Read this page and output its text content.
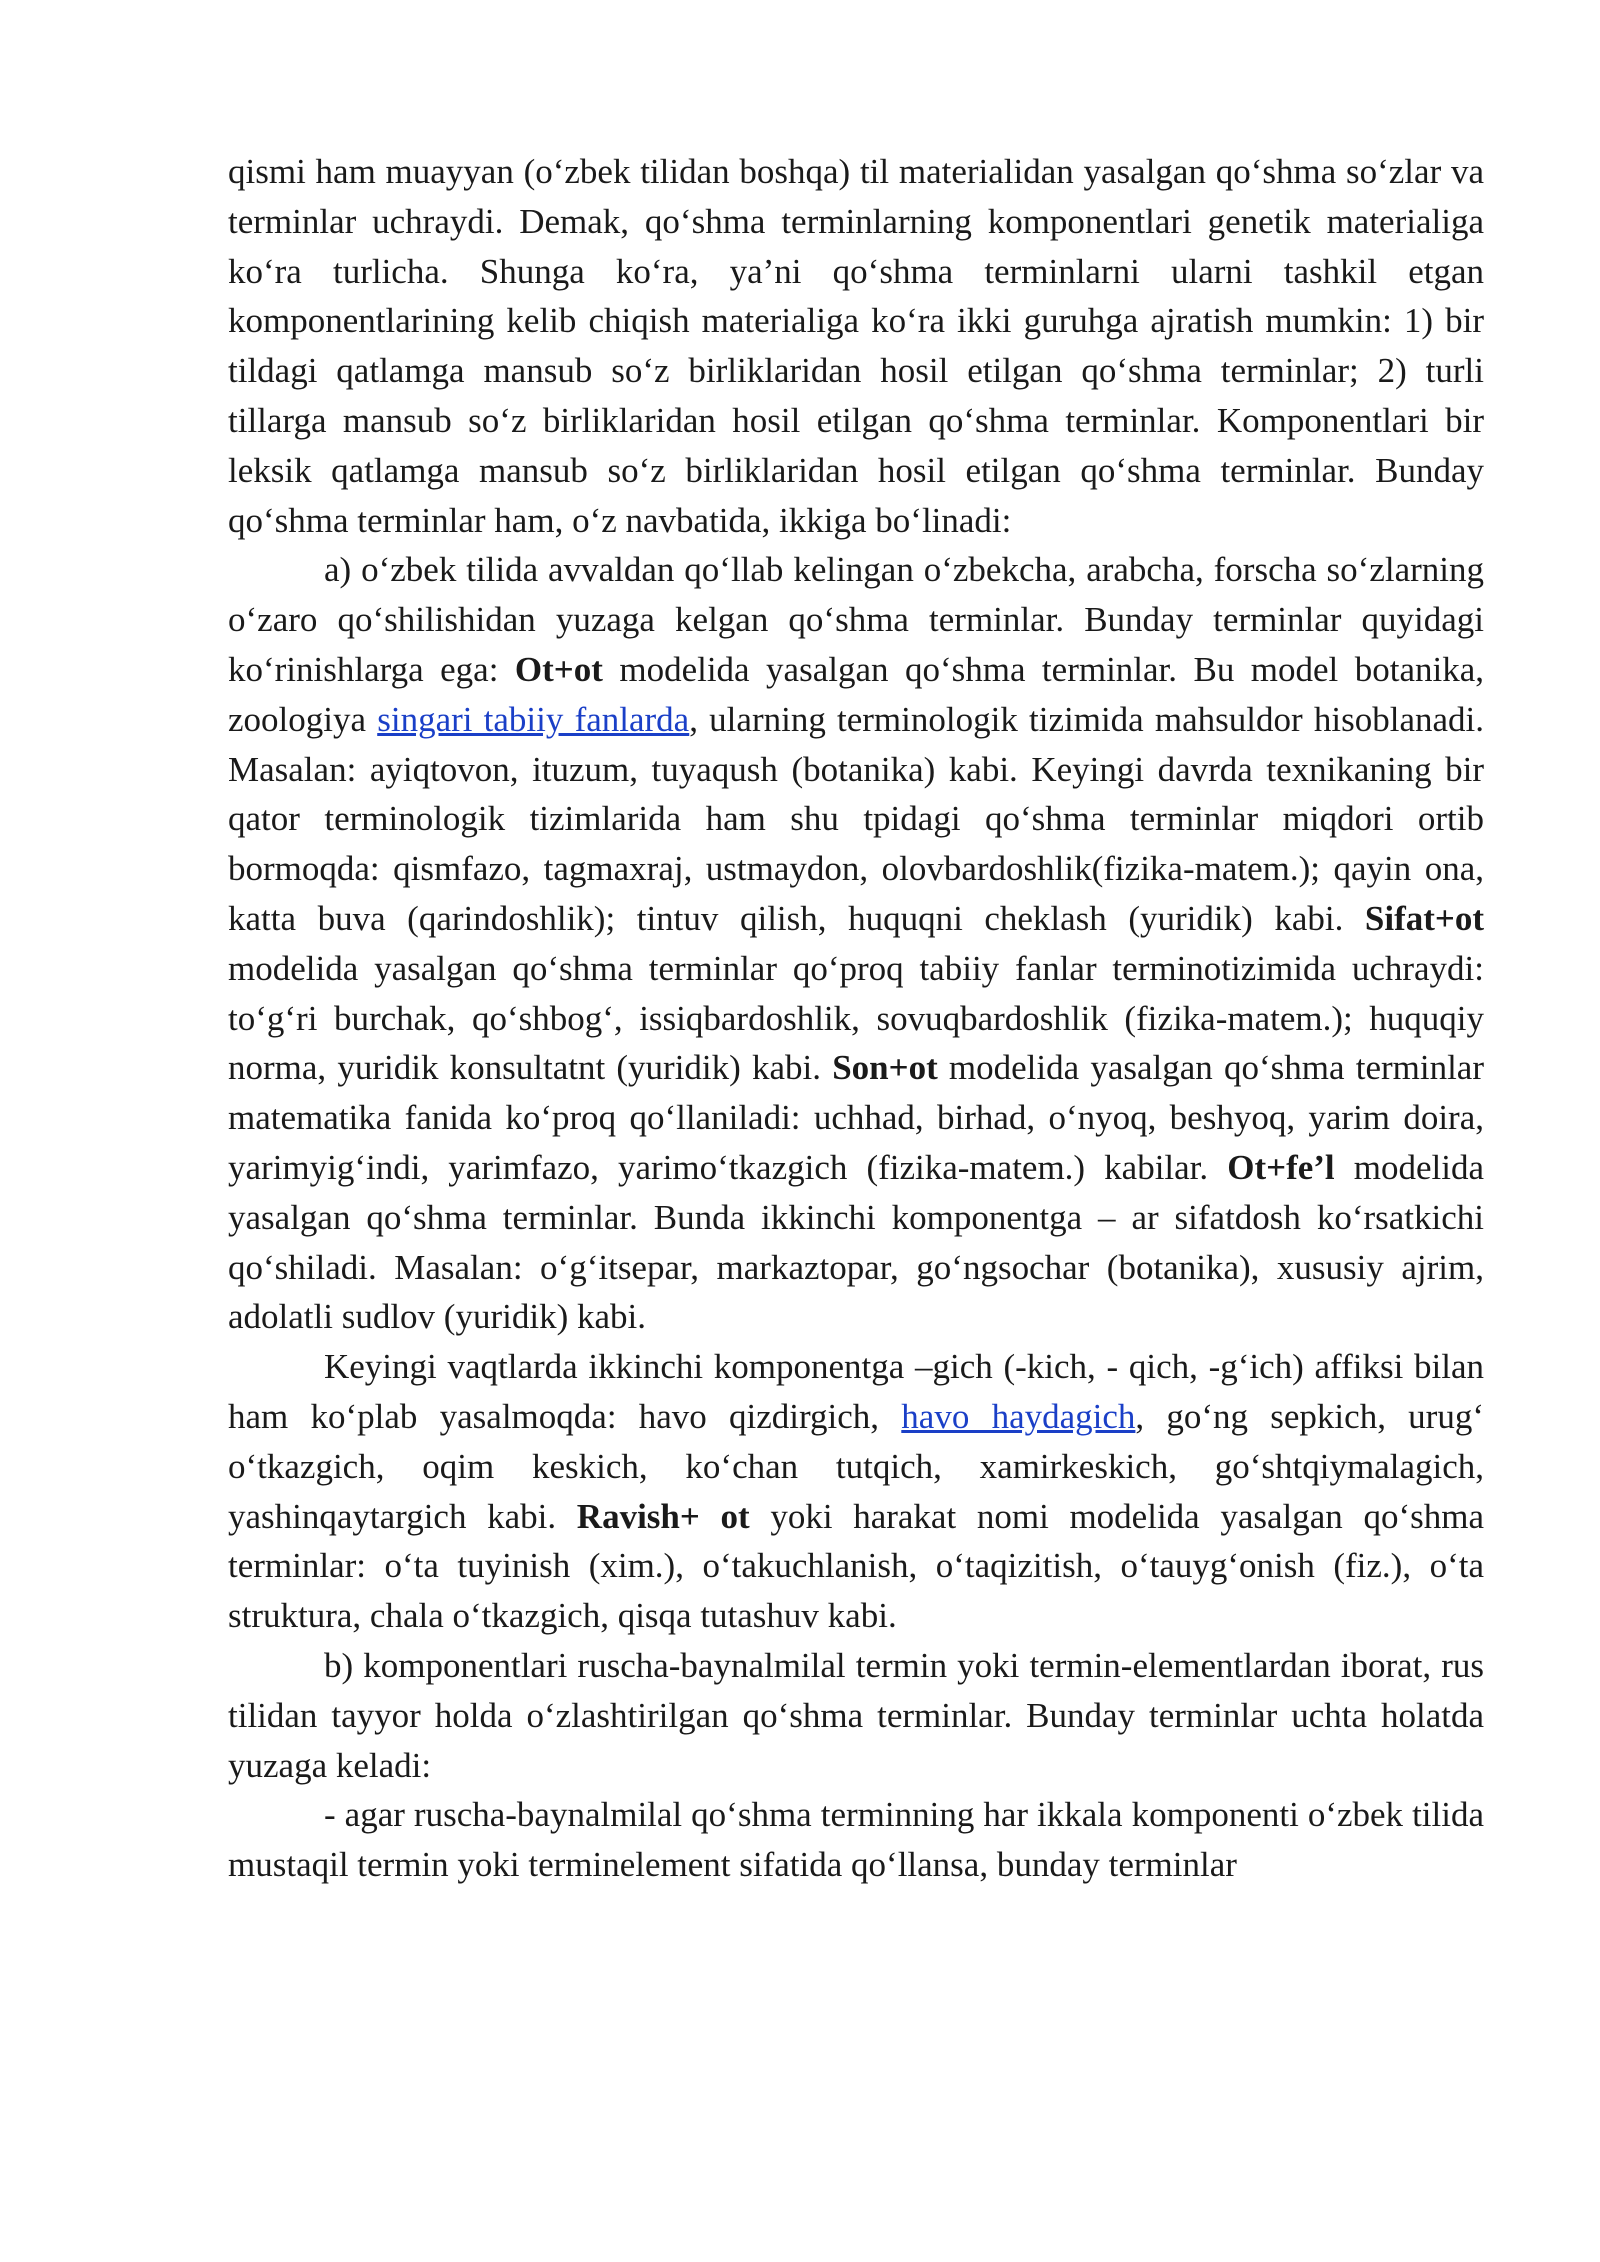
qismi ham muayyan (o‘zbek tilidan boshqa) til materialidan yasalgan qo‘shma so‘zlar va terminlar uchraydi. Demak, qo‘shma terminlarning komponentlari genetik materialiga ko‘ra turlicha. Shunga ko‘ra, ya’ni qo‘shma terminlarni ularni tashkil etgan komponentlarining kelib chiqish materialiga ko‘ra ikki guruhga ajratish mumkin: 1) bir tildagi qatlamga mansub so‘z birliklaridan hosil etilgan qo‘shma terminlar; 2) turli tillarga mansub so‘z birliklaridan hosil etilgan qo‘shma terminlar. Komponentlari bir leksik qatlamga mansub so‘z birliklaridan hosil etilgan qo‘shma terminlar. Bunday qo‘shma terminlar ham, o‘z navbatida, ikkiga bo‘linadi:

a) o‘zbek tilida avvaldan qo‘llab kelingan o‘zbekcha, arabcha, forscha so‘zlarning o‘zaro qo‘shilishidan yuzaga kelgan qo‘shma terminlar. Bunday terminlar quyidagi ko‘rinishlarga ega: Ot+ot modelida yasalgan qo‘shma terminlar. Bu model botanika, zoologiya singari tabiiy fanlarda, ularning terminologik tizimida mahsuldor hisoblanadi. Masalan: ayiqtovon, ituzum, tuyaqush (botanika) kabi. Keyingi davrda texnikaning bir qator terminologik tizimlarida ham shu tpidagi qo‘shma terminlar miqdori ortib bormoqda: qismfazo, tagmaxraj, ustmaydon, olovbardoshlik(fizika-matem.); qayin ona, katta buva (qarindoshlik); tintuv qilish, huquqni cheklash (yuridik) kabi. Sifat+ot modelida yasalgan qo‘shma terminlar qo‘proq tabiiy fanlar terminotizimida uchraydi: to‘g‘ri burchak, qo‘shbog‘, issiqbardoshlik, sovuqbardoshlik (fizika-matem.); huquqiy norma, yuridik konsultatnt (yuridik) kabi. Son+ot modelida yasalgan qo‘shma terminlar matematika fanida ko‘proq qo‘llaniladi: uchhad, birhad, o‘nyoq, beshyoq, yarim doira, yarimyig‘indi, yarimfazo, yarimo‘tkazgich (fizika-matem.) kabilar. Ot+fe’l modelida yasalgan qo‘shma terminlar. Bunda ikkinchi komponentga – ar sifatdosh ko‘rsatkichi qo‘shiladi. Masalan: o‘g‘itsepar, markaztopar, go‘ngsochar (botanika), xususiy ajrim, adolatli sudlov (yuridik) kabi.

Keyingi vaqtlarda ikkinchi komponentga –gich (-kich, - qich, -g‘ich) affiksi bilan ham ko‘plab yasalmoqda: havo qizdirgich, havo haydagich, go‘ng sepkich, urug‘ o‘tkazgich, oqim keskich, ko‘chan tutqich, xamirkeskich, go‘shtqiymalagich, yashinqaytargich kabi. Ravish+ ot yoki harakat nomi modelida yasalgan qo‘shma terminlar: o‘ta tuyinish (xim.), o‘takuchlanish, o‘taqizitish, o‘tauyg‘onish (fiz.), o‘ta struktura, chala o‘tkazgich, qisqa tutashuv kabi.

b) komponentlari ruscha-baynalmilal termin yoki termin-elementlardan iborat, rus tilidan tayyor holda o‘zlashtirilgan qo‘shma terminlar. Bunday terminlar uchta holatda yuzaga keladi:

- agar ruscha-baynalmilal qo‘shma terminning har ikkala komponenti o‘zbek tilida mustaqil termin yoki terminelement sifatida qo‘llansa, bunday terminlar
